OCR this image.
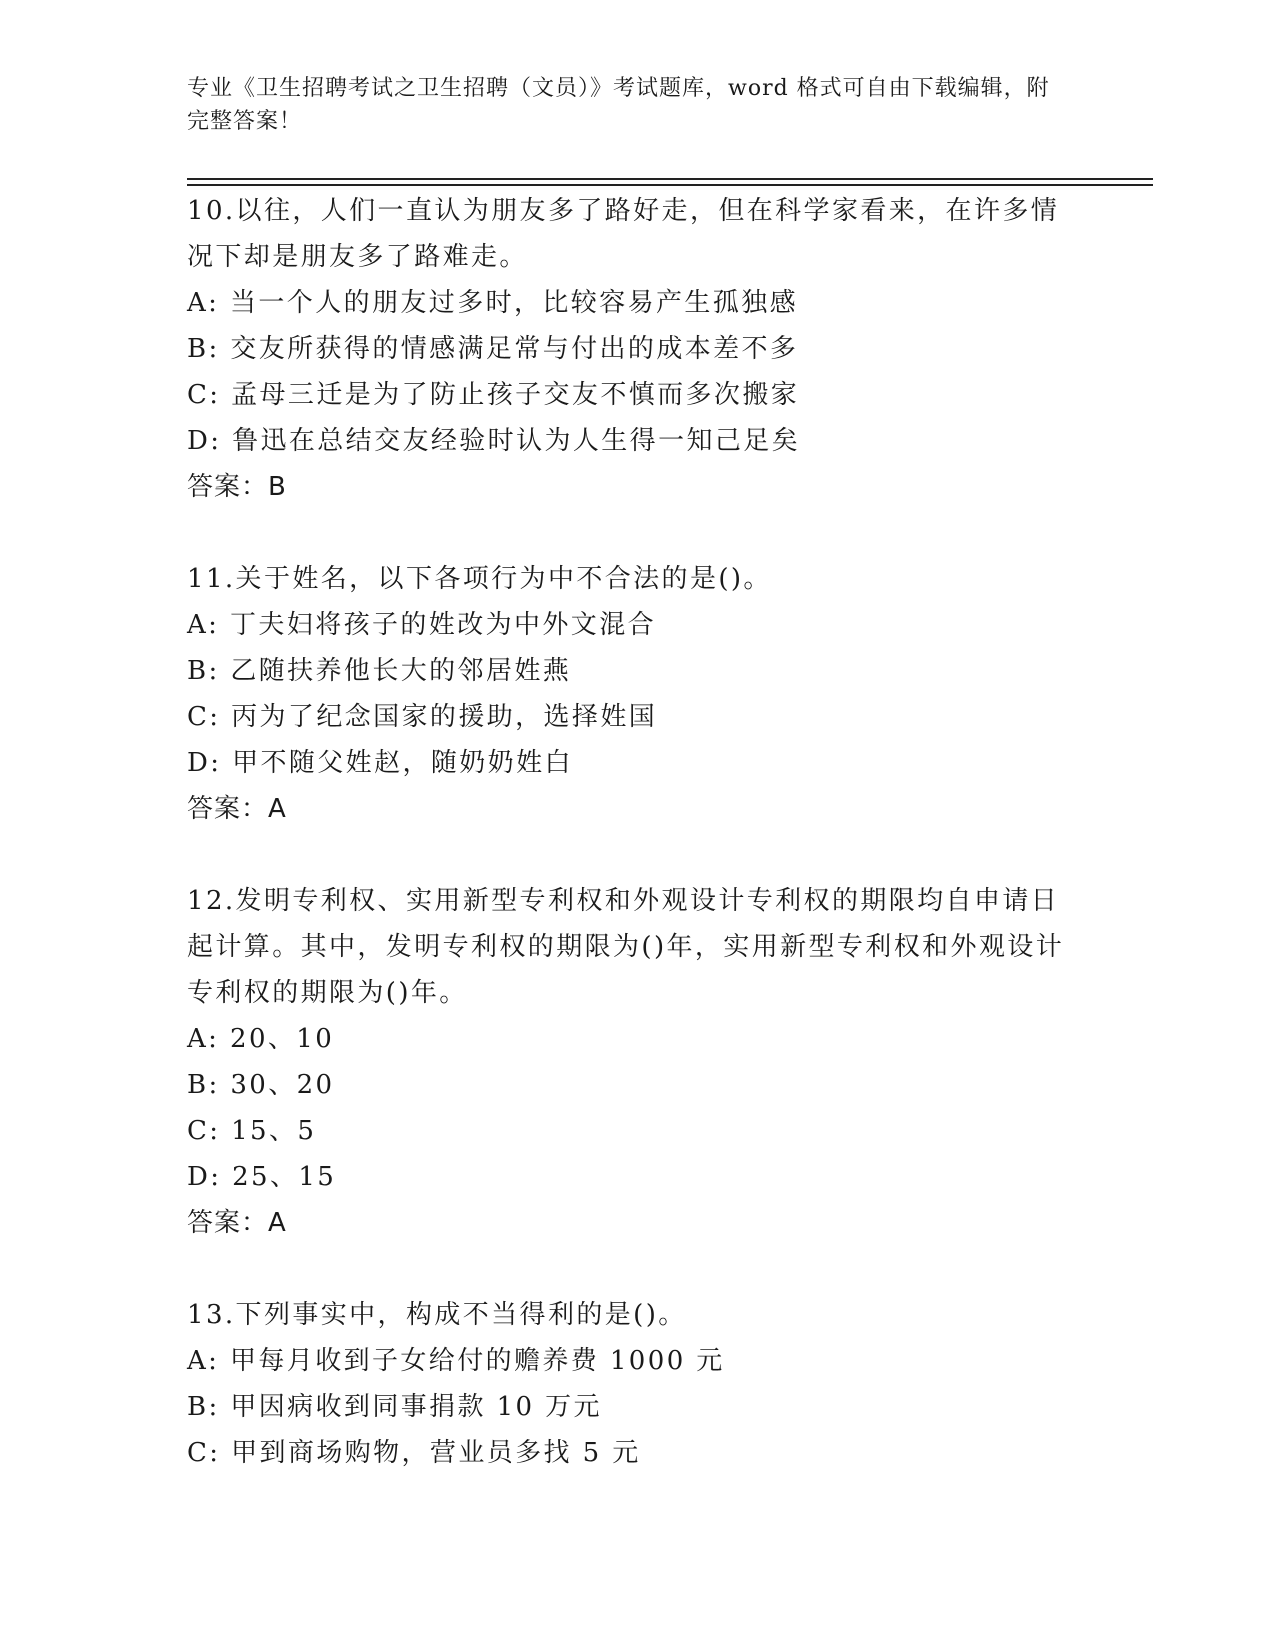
专业《卫生招聘考试之卫生招聘（文员）》考试题库，word 格式可自由下载编辑，附完整答案！

10.以往，人们一直认为朋友多了路好走，但在科学家看来，在许多情况下却是朋友多了路难走。

A: 当一个人的朋友过多时，比较容易产生孤独感

B: 交友所获得的情感满足常与付出的成本差不多

C: 孟母三迁是为了防止孩子交友不慎而多次搬家

D: 鲁迅在总结交友经验时认为人生得一知己足矣

答案：B

11.关于姓名，以下各项行为中不合法的是()。

A: 丁夫妇将孩子的姓改为中外文混合

B: 乙随扶养他长大的邻居姓燕

C: 丙为了纪念国家的援助，选择姓国

D: 甲不随父姓赵，随奶奶姓白

答案：A

12.发明专利权、实用新型专利权和外观设计专利权的期限均自申请日起计算。其中，发明专利权的期限为()年，实用新型专利权和外观设计专利权的期限为()年。

A: 20、10

B: 30、20

C: 15、5

D: 25、15

答案：A

13.下列事实中，构成不当得利的是()。

A: 甲每月收到子女给付的赡养费 1000 元

B: 甲因病收到同事捐款 10 万元

C: 甲到商场购物，营业员多找 5 元
